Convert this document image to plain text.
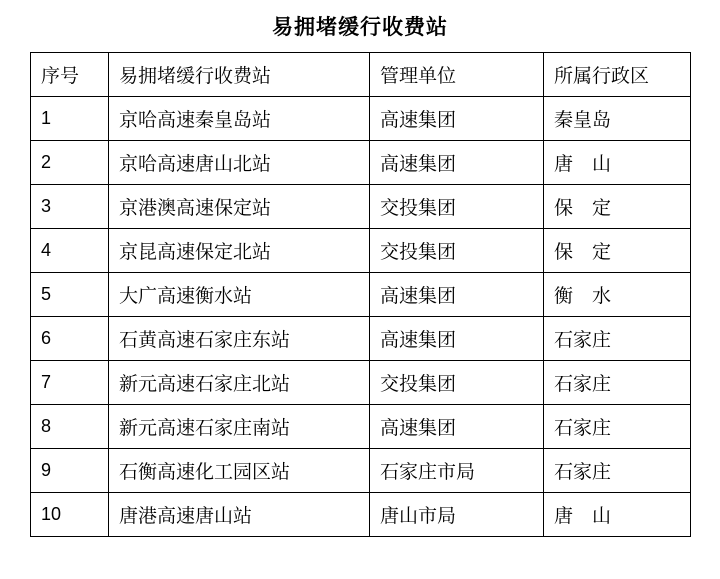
易拥堵缓行收费站
序号	易拥堵缓行收费站	管理单位	所属行政区
1	京哈高速秦皇岛站	高速集团	秦皇岛
2	京哈高速唐山北站	高速集团	唐　山
3	京港澳高速保定站	交投集团	保　定
4	京昆高速保定北站	交投集团	保　定
5	大广高速衡水站	高速集团	衡　水
6	石黄高速石家庄东站	高速集团	石家庄
7	新元高速石家庄北站	交投集团	石家庄
8	新元高速石家庄南站	高速集团	石家庄
9	石衡高速化工园区站	石家庄市局	石家庄
10	唐港高速唐山站	唐山市局	唐　山
